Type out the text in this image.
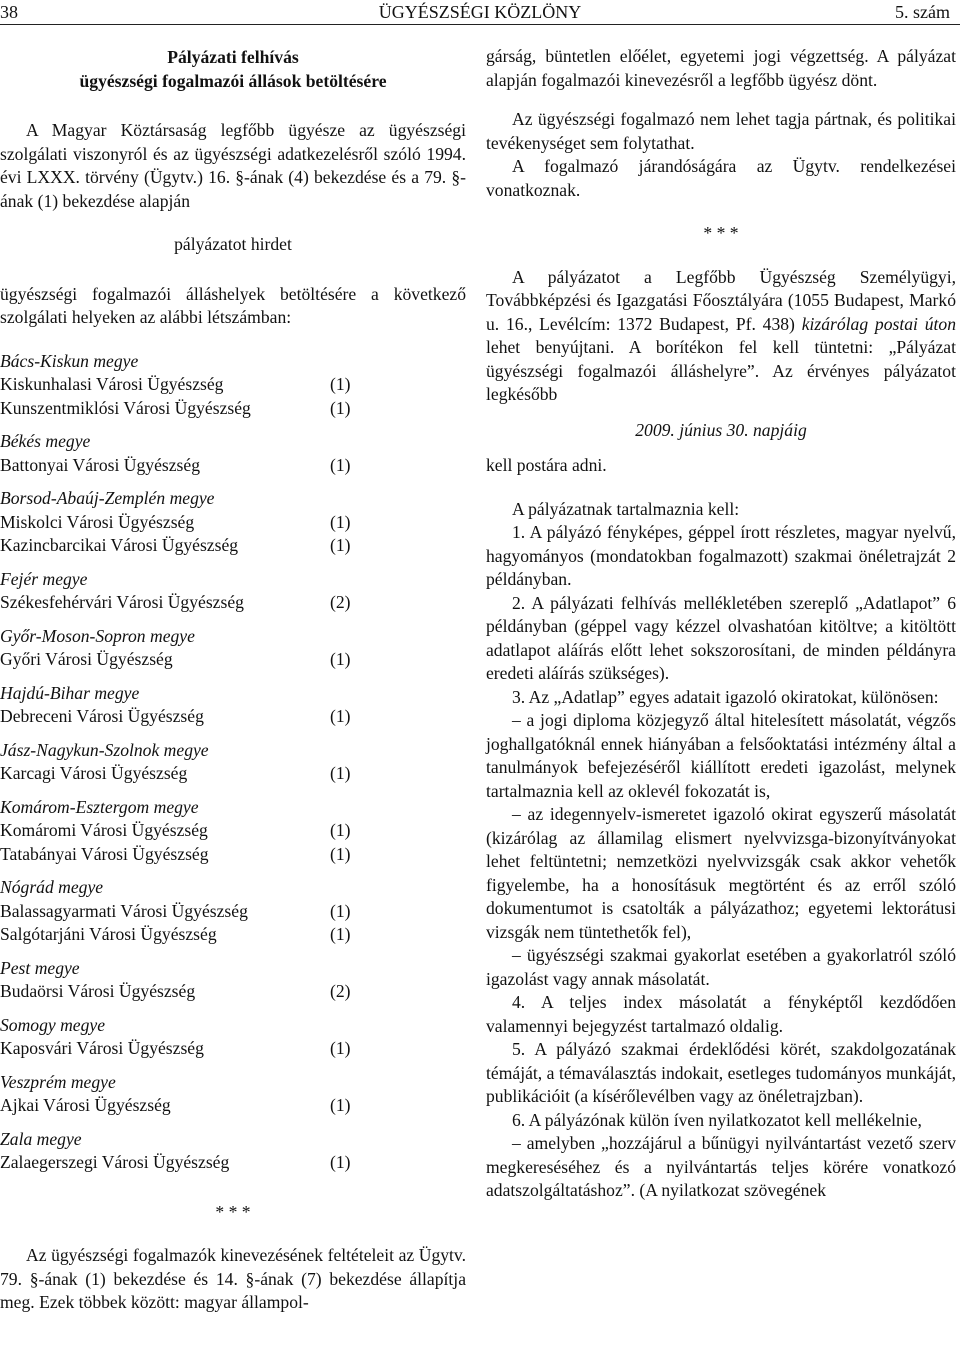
38	ÜGYÉSZSÉGI KÖZLÖNY	5. szám

Pályázati felhívás

ügyészségi fogalmazói állások betöltésére

A Magyar Köztársaság legfőbb ügyésze az ügyészségi szolgálati viszonyról és az ügyészségi adatkezelésről szóló 1994. évi LXXX. törvény (Ügytv.) 16. §-ának (4) bekezdése és a 79. §-ának (1) bekezdése alapján

pályázatot hirdet

ügyészségi fogalmazói álláshelyek betöltésére a következő szolgálati helyeken az alábbi létszámban:

Bács-Kiskun megye

Kiskunhalasi Városi Ügyészség	(1)
Kunszentmiklósi Városi Ügyészség	(1)

Békés megye

Battonyai Városi Ügyészség	(1)

Borsod-Abaúj-Zemplén megye

Miskolci Városi Ügyészség	(1)
Kazincbarcikai Városi Ügyészség	(1)

Fejér megye

Székesfehérvári Városi Ügyészség	(2)

Győr-Moson-Sopron megye

Győri Városi Ügyészség	(1)

Hajdú-Bihar megye

Debreceni Városi Ügyészség	(1)

Jász-Nagykun-Szolnok megye

Karcagi Városi Ügyészség	(1)

Komárom-Esztergom megye

Komáromi Városi Ügyészség	(1)
Tatabányai Városi Ügyészség	(1)

Nógrád megye

Balassagyarmati Városi Ügyészség	(1)
Salgótarjáni Városi Ügyészség	(1)

Pest megye

Budaörsi Városi Ügyészség	(2)

Somogy megye

Kaposvári Városi Ügyészség	(1)

Veszprém megye

Ajkai Városi Ügyészség	(1)

Zala megye

Zalaegerszegi Városi Ügyészség	(1)

* * *

Az ügyészségi fogalmazók kinevezésének feltételeit az Ügytv. 79. §-ának (1) bekezdése és 14. §-ának (7) bekezdése állapítja meg. Ezek többek között: magyar állampol-

gárság, büntetlen előélet, egyetemi jogi végzettség. A pályázat alapján fogalmazói kinevezésről a legfőbb ügyész dönt.

Az ügyészségi fogalmazó nem lehet tagja pártnak, és politikai tevékenységet sem folytathat.

A fogalmazó járandóságára az Ügytv. rendelkezései vonatkoznak.

* * *

A pályázatot a Legfőbb Ügyészség Személyügyi, Továbbképzési és Igazgatási Főosztályára (1055 Budapest, Markó u. 16., Levélcím: 1372 Budapest, Pf. 438) kizárólag postai úton lehet benyújtani. A borítékon fel kell tüntetni: „Pályázat ügyészségi fogalmazói álláshelyre”. Az érvényes pályázatot legkésőbb

2009. június 30. napjáig

kell postára adni.

A pályázatnak tartalmaznia kell:

1. A pályázó fényképes, géppel írott részletes, magyar nyelvű, hagyományos (mondatokban fogalmazott) szakmai önéletrajzát 2 példányban.

2. A pályázati felhívás mellékletében szereplő „Adatlapot” 6 példányban (géppel vagy kézzel olvashatóan kitöltve; a kitöltött adatlapot aláírás előtt lehet sokszorosítani, de minden példányra eredeti aláírás szükséges).

3. Az „Adatlap” egyes adatait igazoló okiratokat, különösen:

– a jogi diploma közjegyző által hitelesített másolatát, végzős joghallgatóknál ennek hiányában a felsőoktatási intézmény által a tanulmányok befejezéséről kiállított eredeti igazolást, melynek tartalmaznia kell az oklevél fokozatát is,

– az idegennyelv-ismeretet igazoló okirat egyszerű másolatát (kizárólag az államilag elismert nyelvvizsga-bizonyítványokat lehet feltüntetni; nemzetközi nyelvvizsgák csak akkor vehetők figyelembe, ha a honosításuk megtörtént és az erről szóló dokumentumot is csatolták a pályázathoz; egyetemi lektorátusi vizsgák nem tüntethetők fel),

– ügyészségi szakmai gyakorlat esetében a gyakorlatról szóló igazolást vagy annak másolatát.

4. A teljes index másolatát a fényképtől kezdődően valamennyi bejegyzést tartalmazó oldalig.

5. A pályázó szakmai érdeklődési körét, szakdolgozatának témáját, a témaválasztás indokait, esetleges tudományos munkáját, publikációit (a kísérőlevélben vagy az önéletrajzban).

6. A pályázónak külön íven nyilatkozatot kell mellékelnie,

– amelyben „hozzájárul a bűnügyi nyilvántartást vezető szerv megkereséséhez és a nyilvántartás teljes körére vonatkozó adatszolgáltatáshoz”. (A nyilatkozat szövegének
